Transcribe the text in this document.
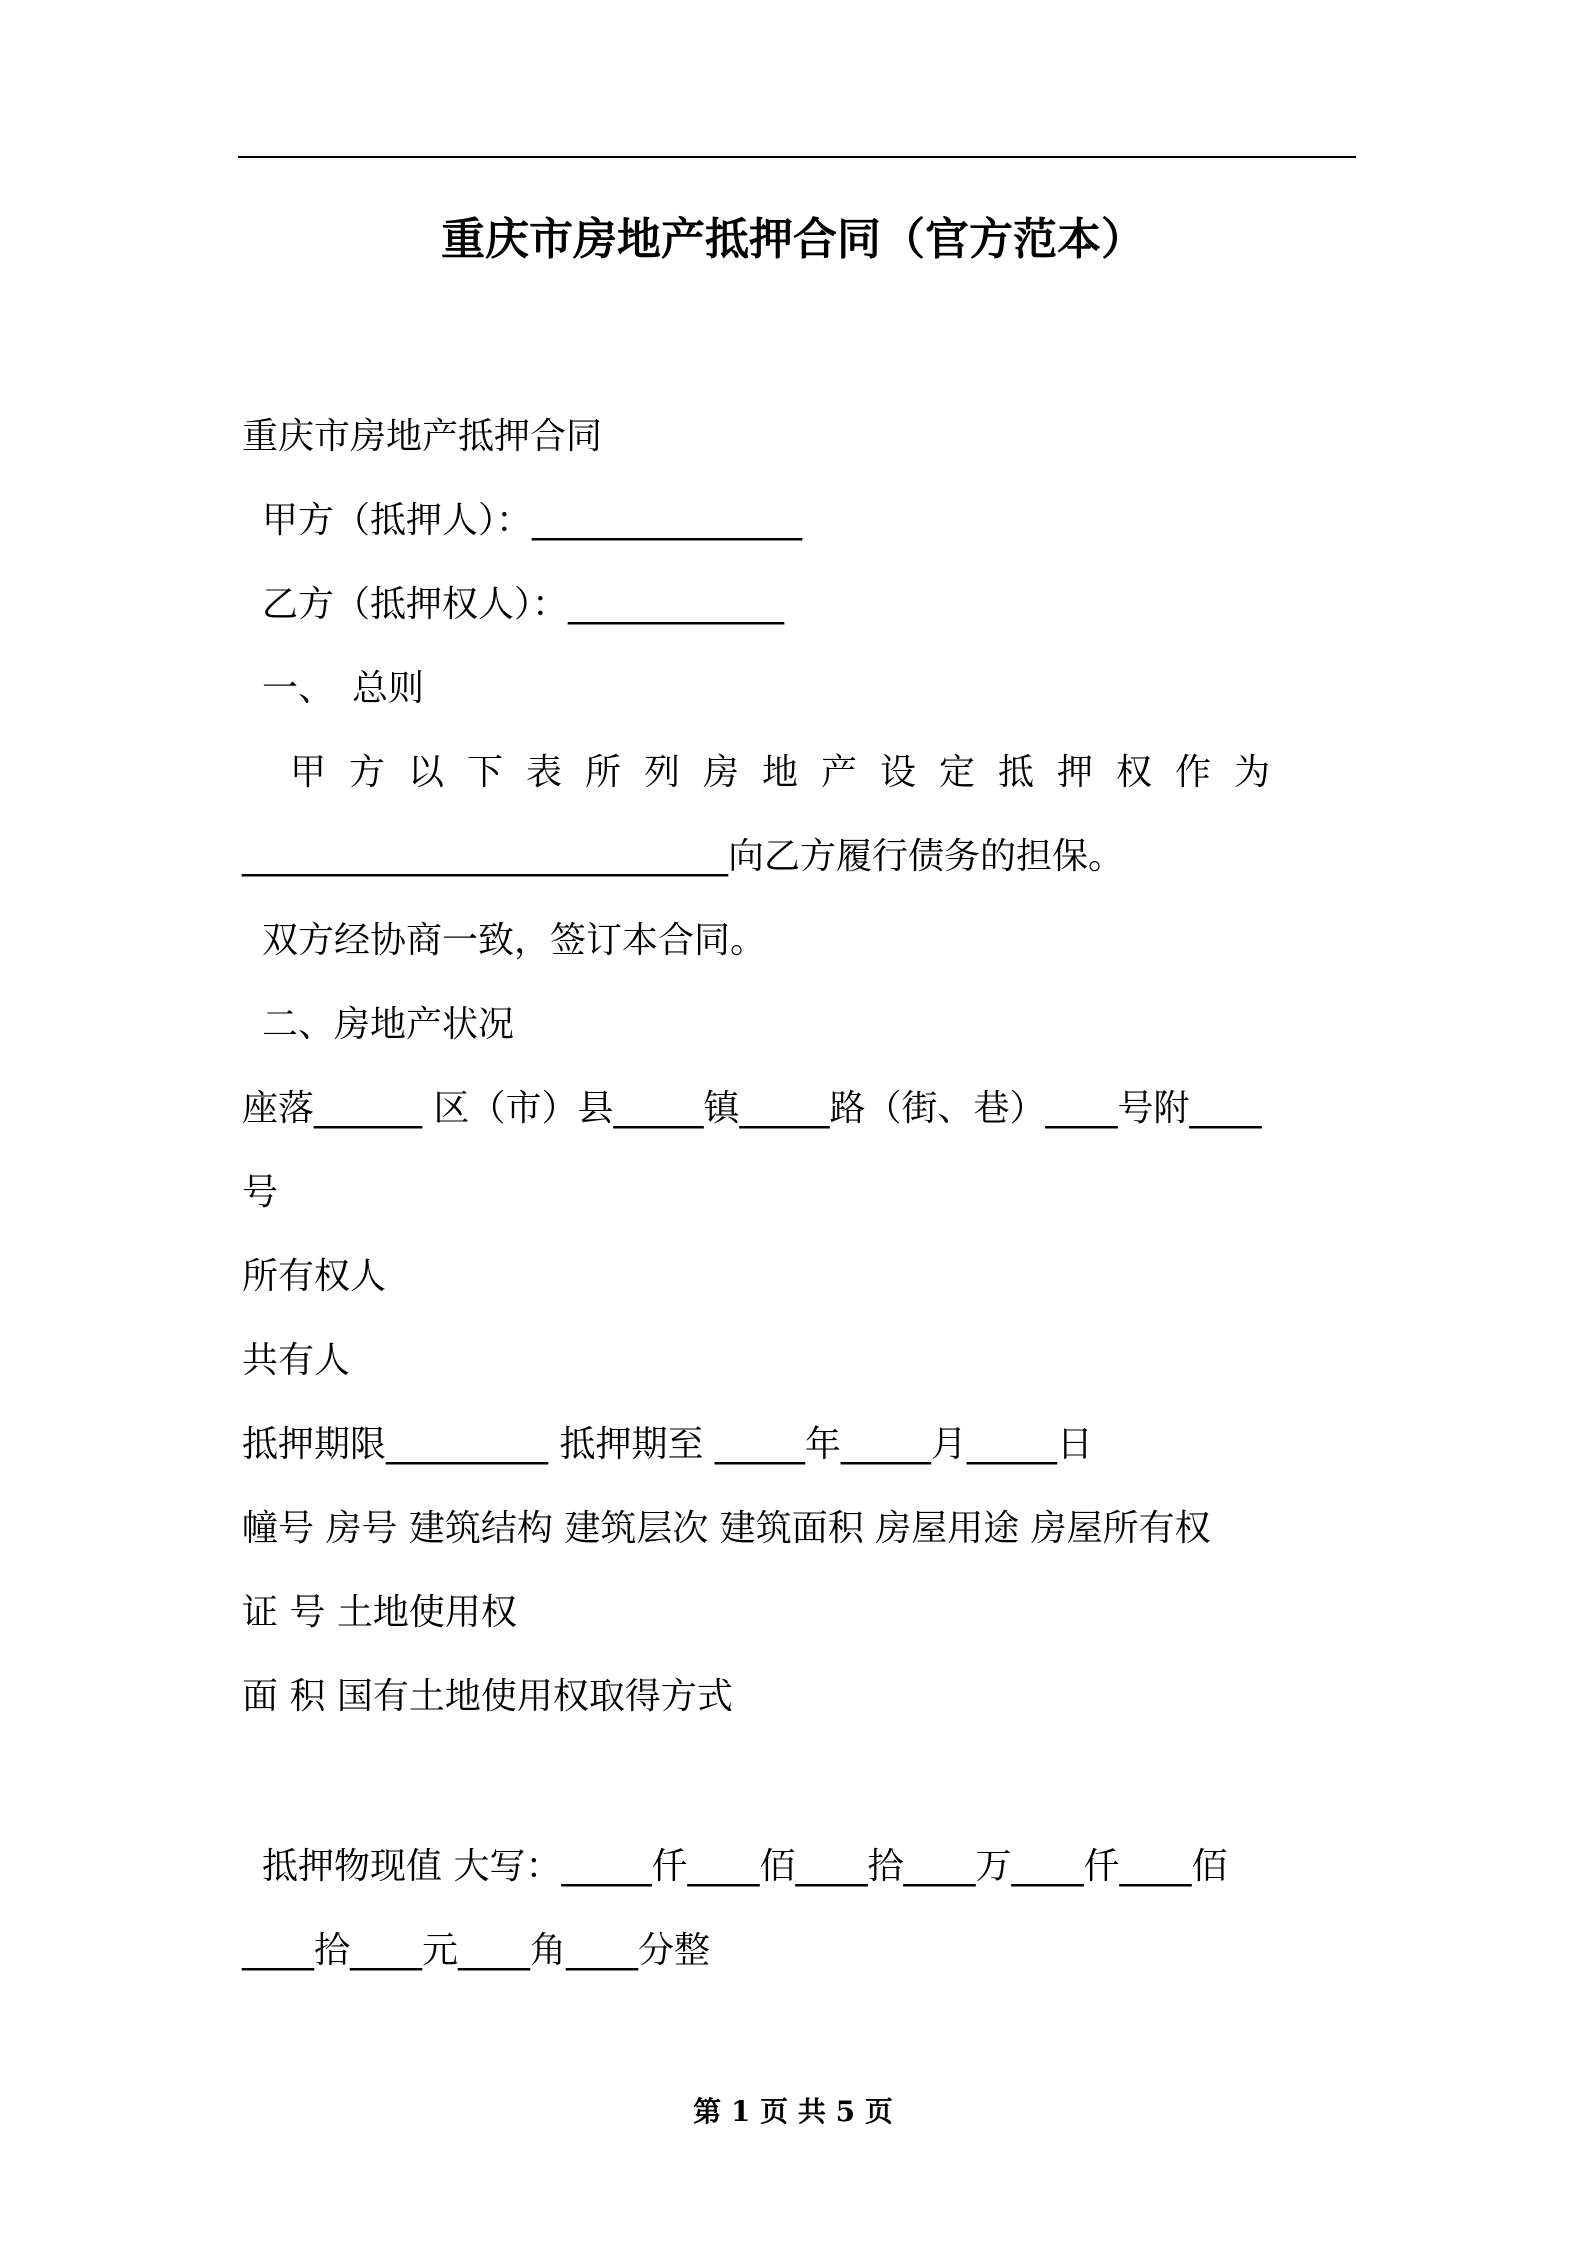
重庆市房地产抵押合同（官方范本）
重庆市房地产抵押合同
甲方（抵押人）：_______________
乙方（抵押权人）：____________
一、　总则
甲方以下表所列房地产设定抵押权作为
___________________________向乙方履行债务的担保。
双方经协商一致，签订本合同。
二、房地产状况
座落______ 区（市）县_____镇_____路（街、巷）____号附____
号
所有权人
共有人
抵押期限_________ 抵押期至 _____年_____月_____日
幢号 房号 建筑结构 建筑层次 建筑面积 房屋用途 房屋所有权
证 号 土地使用权
面 积 国有土地使用权取得方式
抵押物现值 大写：_____仟____佰____拾____万____仟____佰
____拾____元____角____分整
第 1 页 共 5 页
